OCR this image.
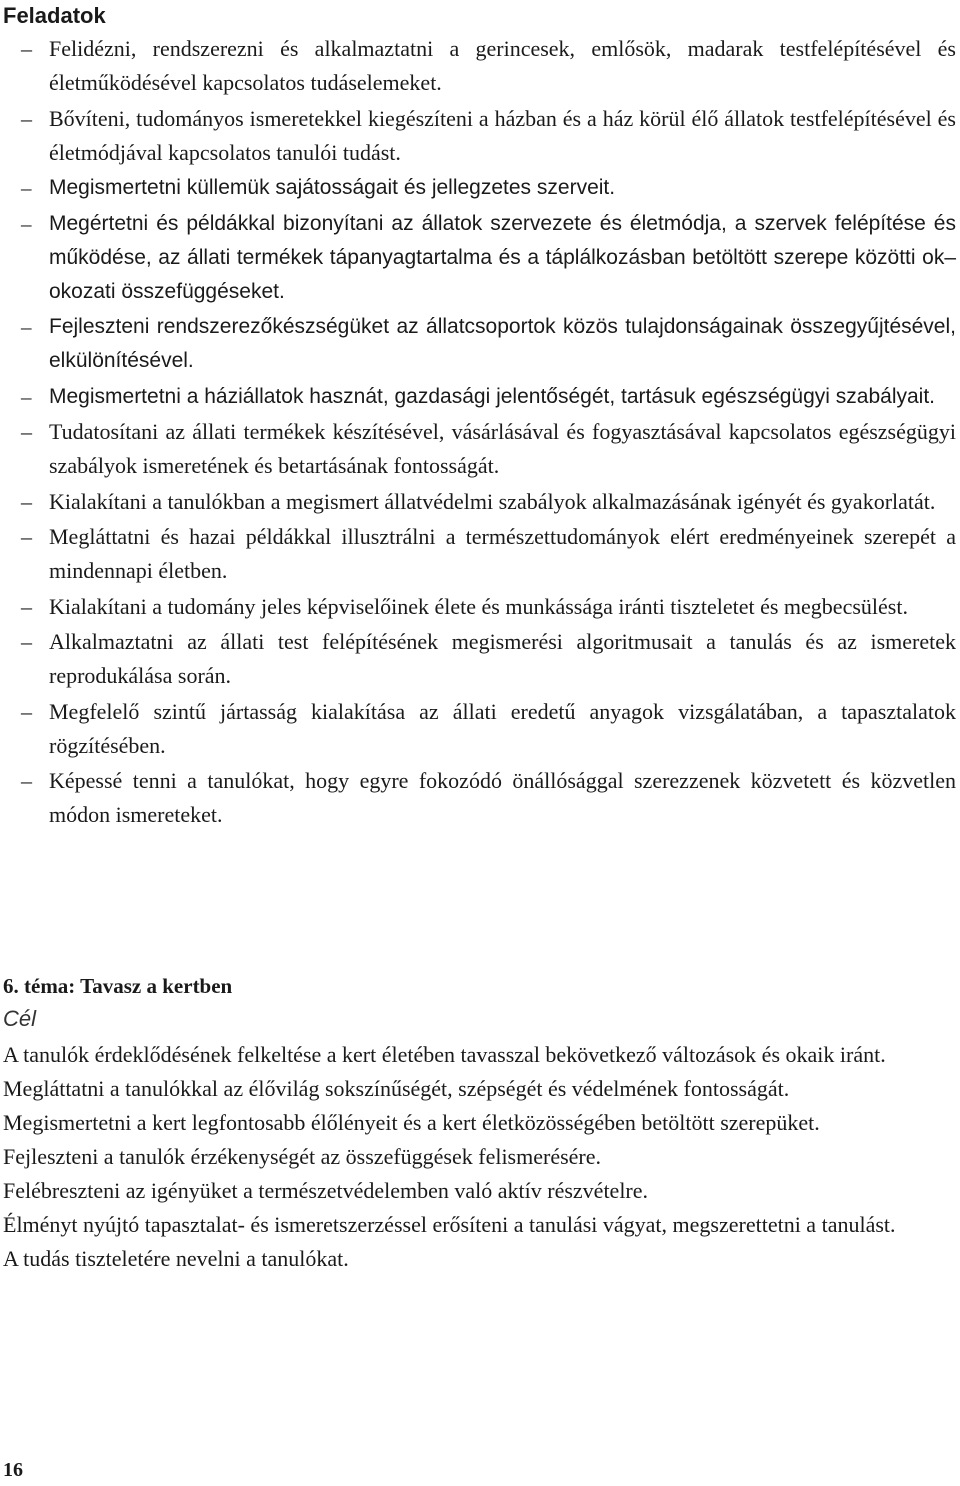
Feladatok
– Felidézni, rendszerezni és alkalmaztatni a gerincesek, emlősök, madarak testfelépítésével és életműködésével kapcsolatos tudáselemeket.
– Bővíteni, tudományos ismeretekkel kiegészíteni a házban és a ház körül élő állatok testfelépítésével és életmódjával kapcsolatos tanulói tudást.
– Megismertetni küllemük sajátosságait és jellegzetes szerveit.
– Megértetni és példákkal bizonyítani az állatok szervezete és életmódja, a szervek felépítése és működése, az állati termékek tápanyagtartalma és a táplálkozásban betöltött szerepe közötti ok–okozati összefüggéseket.
– Fejleszteni rendszerezőkészségüket az állatcsoportok közös tulajdonságainak összegyűjtésével, elkülönítésével.
– Megismertetni a háziállatok hasznát, gazdasági jelentőségét, tartásuk egészségügyi szabályait.
– Tudatosítani az állati termékek készítésével, vásárlásával és fogyasztásával kapcsolatos egészségügyi szabályok ismeretének és betartásának fontosságát.
– Kialakítani a tanulókban a megismert állatvédelmi szabályok alkalmazásának igényét és gyakorlatát.
– Megláttatni és hazai példákkal illusztrálni a természettudományok elért eredményeinek szerepét a mindennapi életben.
– Kialakítani a tudomány jeles képviselőinek élete és munkássága iránti tiszteletet és megbecsülést.
– Alkalmaztatni az állati test felépítésének megismerési algoritmusait a tanulás és az ismeretek reprodukálása során.
– Megfelelő szintű jártasság kialakítása az állati eredetű anyagok vizsgálatában, a tapasztalatok rögzítésében.
– Képessé tenni a tanulókat, hogy egyre fokozódó önállósággal szerezzenek közvetett és közvetlen módon ismereteket.
6. téma: Tavasz a kertben

Cél

A tanulók érdeklődésének felkeltése a kert életében tavasszal bekövetkező változások és okaik iránt.
Megláttatni a tanulókkal az élővilág sokszínűségét, szépségét és védelmének fontosságát.
Megismertetni a kert legfontosabb élőlényeit és a kert életközösségében betöltött szerepüket.
Fejleszteni a tanulók érzékenységét az összefüggések felismerésére.
Felébreszteni az igényüket a természetvédelemben való aktív részvételre.
Élményt nyújtó tapasztalat- és ismeretszerzéssel erősíteni a tanulási vágyat, megszerettetni a tanulást.
A tudás tiszteletére nevelni a tanulókat.
16
